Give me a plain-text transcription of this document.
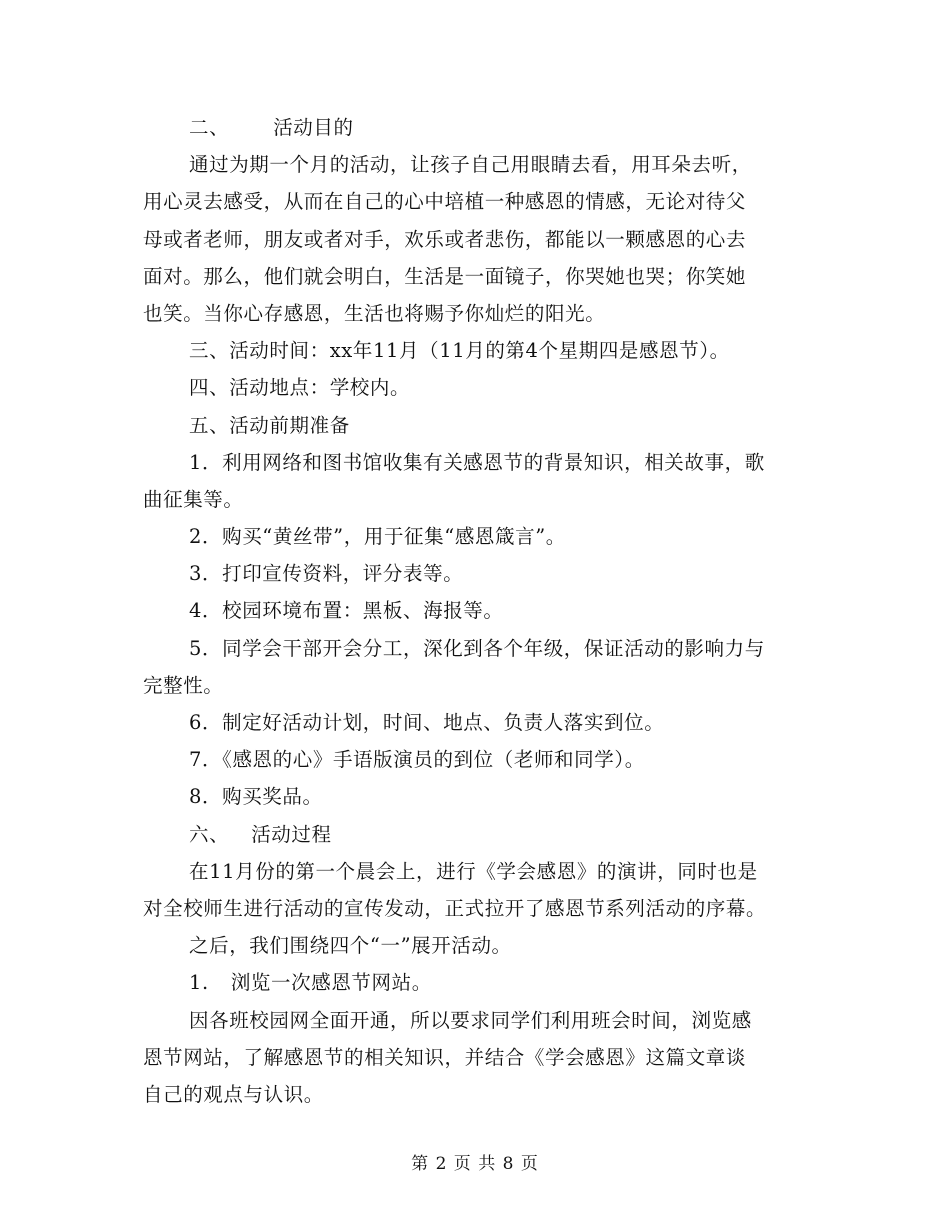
二、 活动目的
通过为期一个月的活动，让孩子自己用眼睛去看，用耳朵去听，
用心灵去感受，从而在自己的心中培植一种感恩的情感，无论对待父
母或者老师，朋友或者对手，欢乐或者悲伤，都能以一颗感恩的心去
面对。那么，他们就会明白，生活是一面镜子，你哭她也哭；你笑她
也笑。当你心存感恩，生活也将赐予你灿烂的阳光。
三、活动时间：xx年11月（11月的第4个星期四是感恩节）。
四、活动地点：学校内。
五、活动前期准备
1．利用网络和图书馆收集有关感恩节的背景知识，相关故事，歌
曲征集等。
2．购买“黄丝带”，用于征集“感恩箴言”。
3．打印宣传资料，评分表等。
4．校园环境布置：黑板、海报等。
5．同学会干部开会分工，深化到各个年级，保证活动的影响力与
完整性。
6．制定好活动计划，时间、地点、负责人落实到位。
7．《感恩的心》手语版演员的到位（老师和同学）。
8．购买奖品。
六、 活动过程
在11月份的第一个晨会上，进行《学会感恩》的演讲，同时也是
对全校师生进行活动的宣传发动，正式拉开了感恩节系列活动的序幕。
之后，我们围绕四个“一”展开活动。
1. 浏览一次感恩节网站。
因各班校园网全面开通，所以要求同学们利用班会时间，浏览感
恩节网站，了解感恩节的相关知识，并结合《学会感恩》这篇文章谈
自己的观点与认识。
第 2 页 共 8 页
